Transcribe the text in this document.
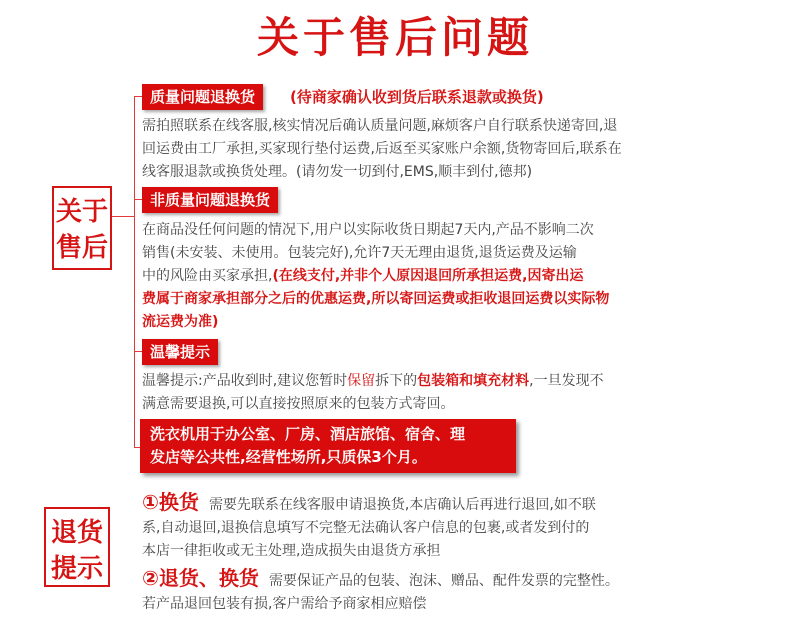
关于售后问题
关于售后
质量问题退换货	(待商家确认收到货后联系退款或换货)
需拍照联系在线客服,核实情况后确认质量问题,麻烦客户自行联系快递寄回,退
回运费由工厂承担,买家现行垫付运费,后返至买家账户余额,货物寄回后,联系在
线客服退款或换货处理。(请勿发一切到付,EMS,顺丰到付,德邦)
非质量问题退换货
在商品没任何问题的情况下,用户以实际收货日期起7天内,产品不影响二次
销售(未安装、未使用。包装完好),允许7天无理由退货,退货运费及运输
中的风险由买家承担,(在线支付,并非个人原因退回所承担运费,因寄出运
费属于商家承担部分之后的优惠运费,所以寄回运费或拒收退回运费以实际物
流运费为准)
温馨提示
温馨提示:产品收到时,建议您暂时保留拆下的包装箱和填充材料,一旦发现不
满意需要退换,可以直接按照原来的包装方式寄回。
洗衣机用于办公室、厂房、酒店旅馆、宿舍、理
发店等公共性,经营性场所,只质保3个月。
退货提示
①换货 需要先联系在线客服申请退换货,本店确认后再进行退回,如不联
系,自动退回,退换信息填写不完整无法确认客户信息的包裹,或者发到付的
本店一律拒收或无主处理,造成损失由退货方承担
②退货、换货 需要保证产品的包装、泡沫、赠品、配件发票的完整性。
若产品退回包装有损,客户需给予商家相应赔偿
